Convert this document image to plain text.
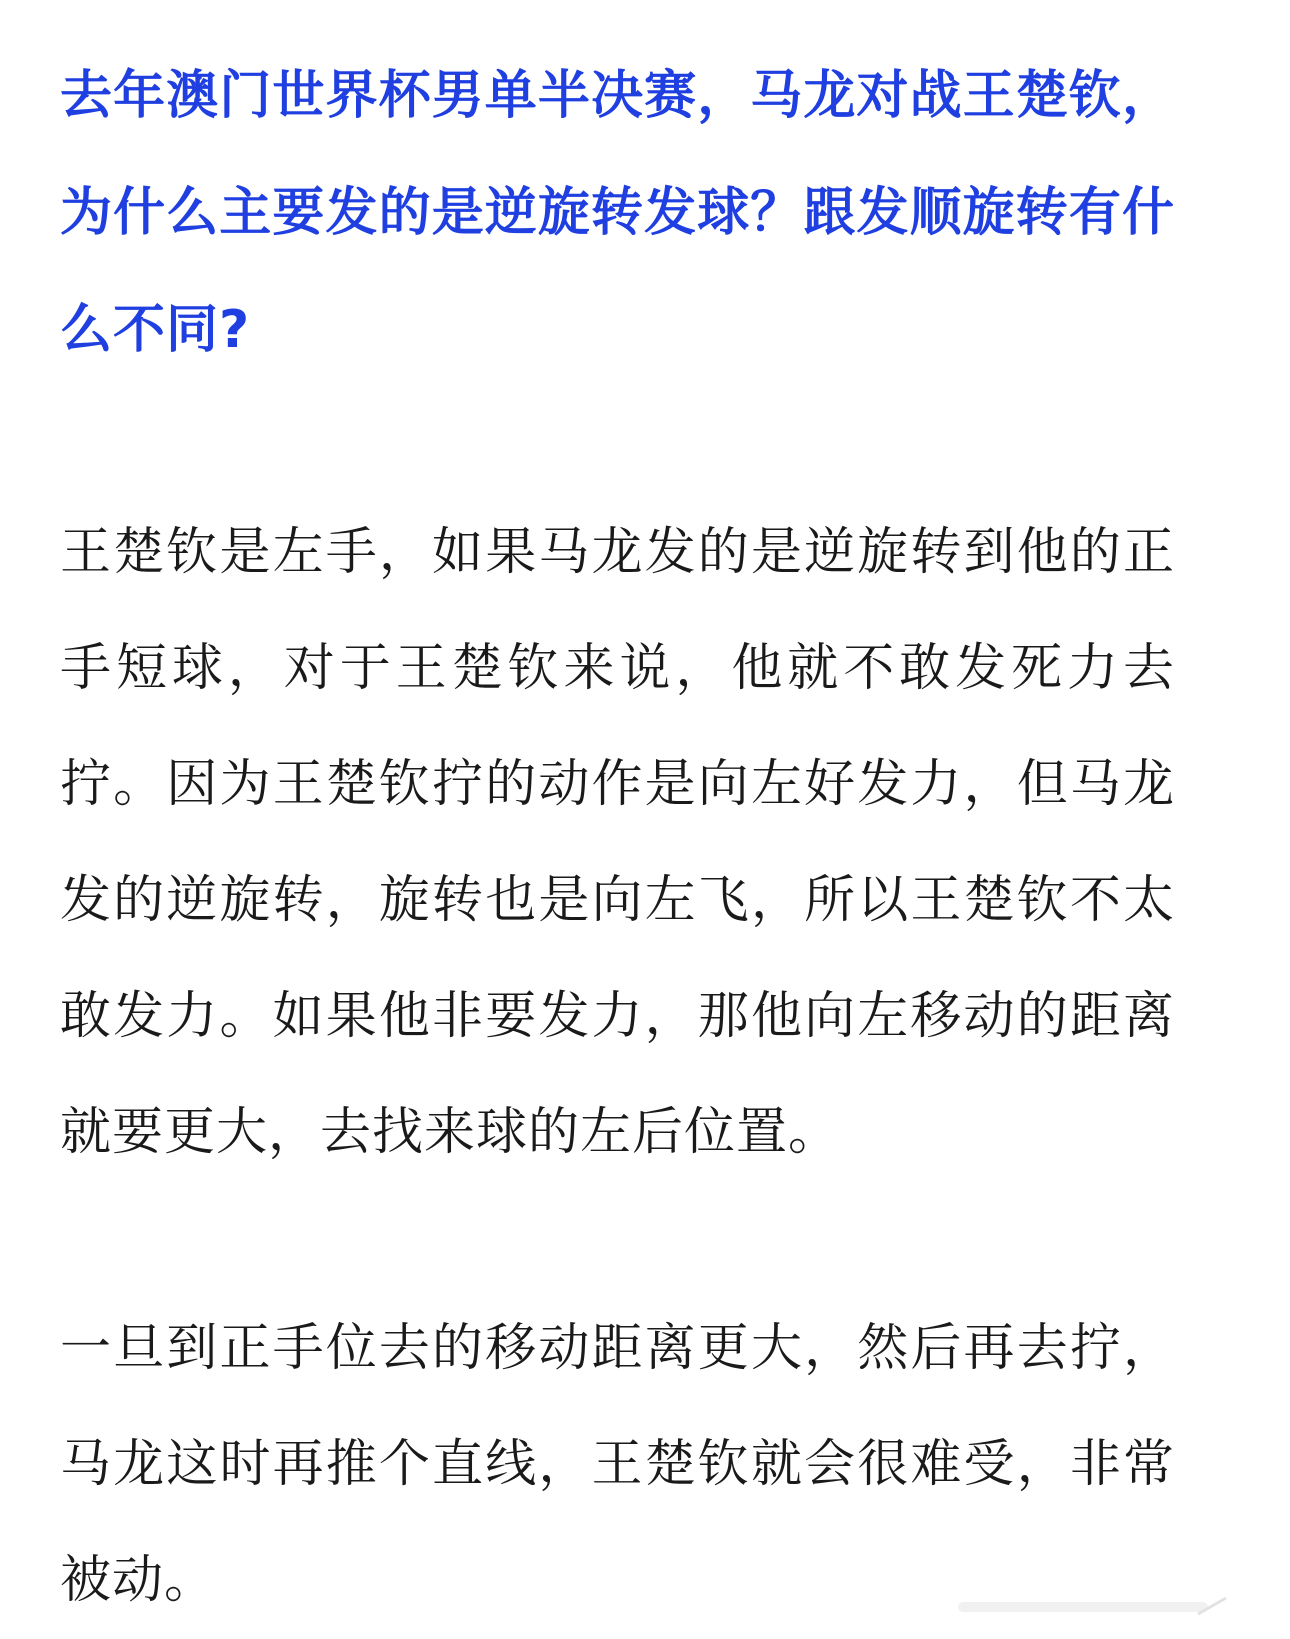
去年澳门世界杯男单半决赛，马龙对战王楚钦，为什么主要发的是逆旋转发球？跟发顺旋转有什么不同?

王楚钦是左手，如果马龙发的是逆旋转到他的正手短球，对于王楚钦来说，他就不敢发死力去拧。因为王楚钦拧的动作是向左好发力，但马龙发的逆旋转，旋转也是向左飞，所以王楚钦不太敢发力。如果他非要发力，那他向左移动的距离就要更大，去找来球的左后位置。

一旦到正手位去的移动距离更大，然后再去拧，马龙这时再推个直线，王楚钦就会很难受，非常被动。
